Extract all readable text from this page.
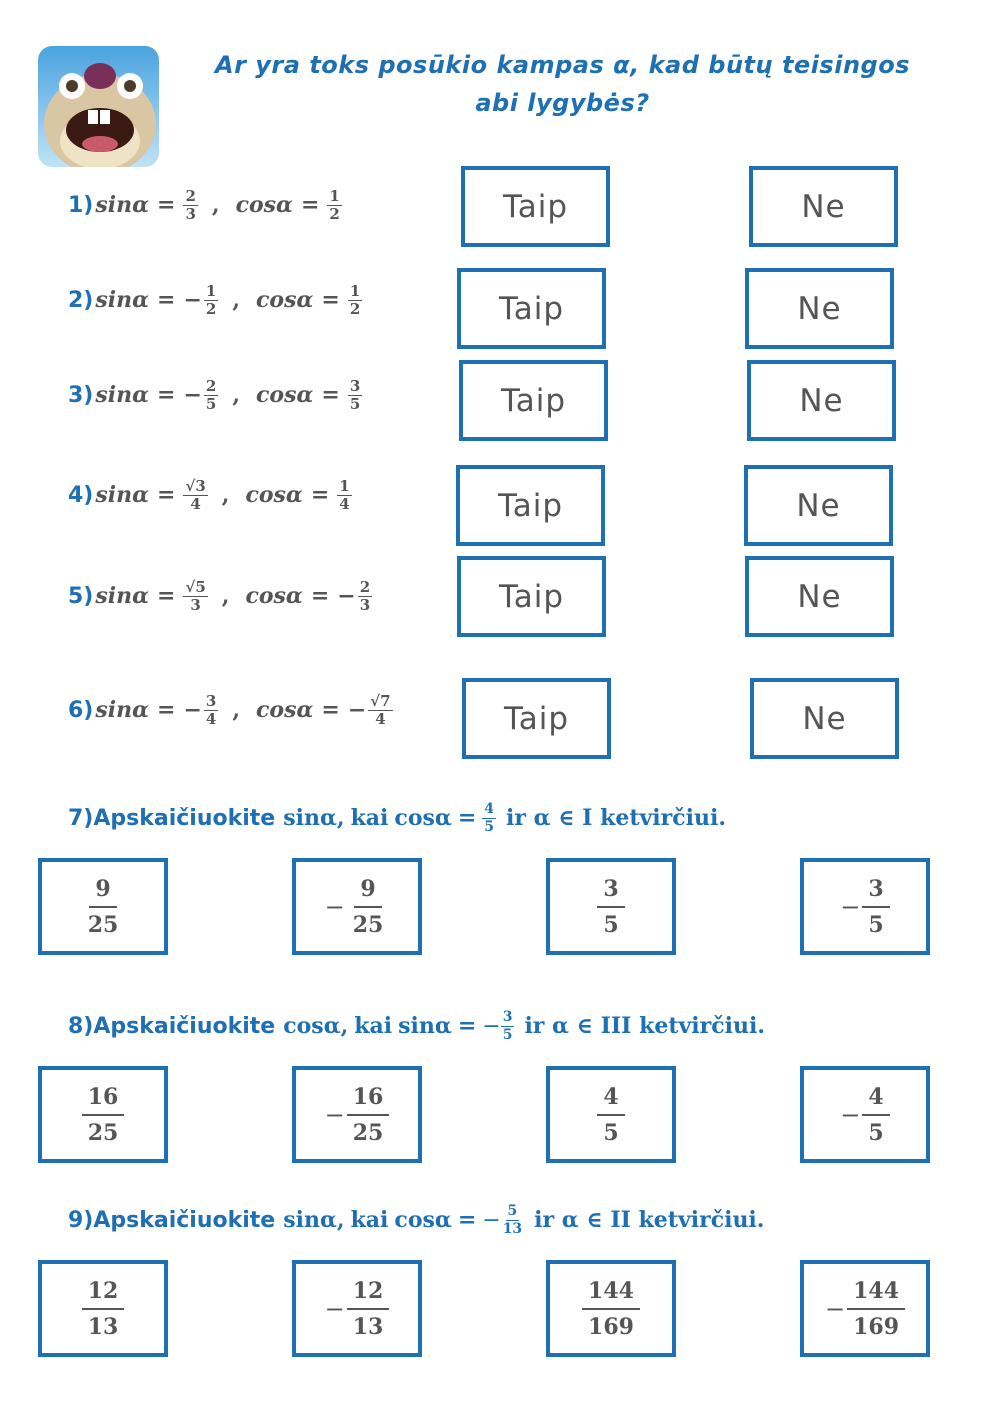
Ar yra toks posūkio kampas α, kad būtų teisingos abi lygybės?
1) $\sin\alpha = \frac{2}{3}$ , $\cos\alpha = \frac{1}{2}$	Taip	Ne
2) sinα = − $\frac{1}{2}$ , $\cos\alpha = \frac{1}{2}$	Taip	Ne
3) sinα = − $\frac{2}{5}$ , $\cos\alpha = \frac{3}{5}$	Taip	Ne
4) $\sin\alpha = \frac{√3}{4}$ , $\cos\alpha = \frac{1}{4}$	Taip	Ne
5) $\sin\alpha = \frac{√5}{3}$ , cosα = − $\frac{2}{3}$	Taip	Ne
6) sinα = − $\frac{3}{4}$ , cosα = − $\frac{√7}{4}$	Taip	Ne
7) Apskaičiuokite sinα, kai $\cos\alpha = \frac{4}{5}$ ir α ∈ I ketvirčiui.
$\frac{9}{25}$	− $\frac{9}{25}$	$\frac{3}{5}$	− $\frac{3}{5}$
8) Apskaičiuokite cosα, kai sinα = − $\frac{3}{5}$ ir α ∈ III ketvirčiui.
$\frac{16}{25}$	− $\frac{16}{25}$	$\frac{4}{5}$	− $\frac{4}{5}$
9) Apskaičiuokite sinα, kai cosα = − $\frac{5}{13}$ ir α ∈ II ketvirčiui.
$\frac{12}{13}$	− $\frac{12}{13}$	$\frac{144}{169}$	− $\frac{144}{169}$
